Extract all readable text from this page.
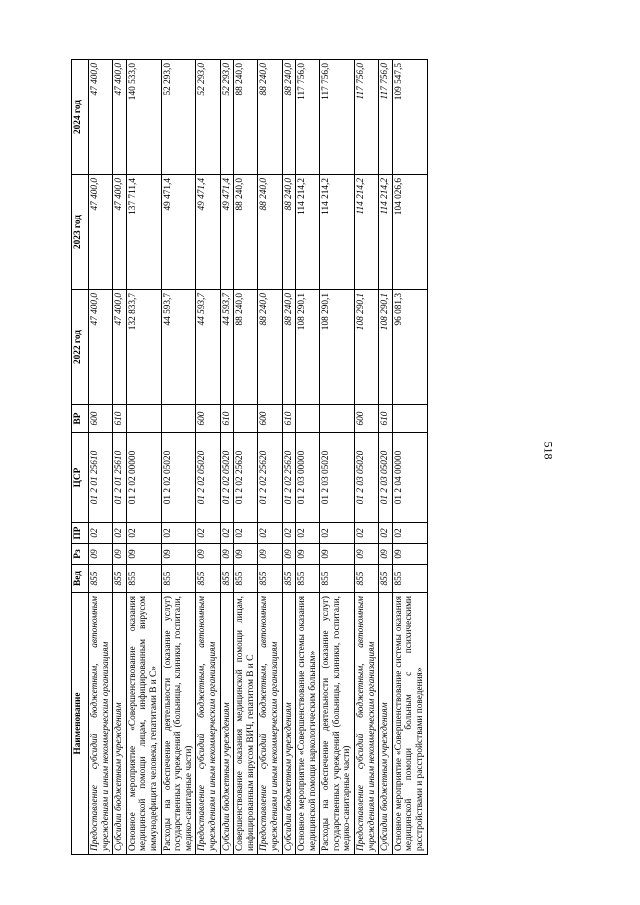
518
Наименование	Вед	Рз	ПР	ЦСР	ВР	2022 год	2023 год	2024 год
Предоставление субсидий бюджетным, автономным учреждениям и иным некоммерческим организациям	855	09	02	01 2 01 25610	600	47 400,0	47 400,0	47 400,0
Субсидии бюджетным учреждениям	855	09	02	01 2 01 25610	610	47 400,0	47 400,0	47 400,0
Основное мероприятие «Совершенствование оказания медицинской помощи лицам, инфицированным вирусом иммунодефицита человека, гепатитами В и С»	855	09	02	01 2 02 00000		132 833,7	137 711,4	140 533,0
Расходы на обеспечение деятельности (оказание услуг) государственных учреждений (больницы, клиники, госпитали, медико-санитарные части)	855	09	02	01 2 02 05020		44 593,7	49 471,4	52 293,0
Предоставление субсидий бюджетным, автономным учреждениям и иным некоммерческим организациям	855	09	02	01 2 02 05020	600	44 593,7	49 471,4	52 293,0
Субсидии бюджетным учреждениям	855	09	02	01 2 02 05020	610	44 593,7	49 471,4	52 293,0
Совершенствование оказания медицинской помощи лицам, инфицированным вирусом ВИЧ, гепатитом В и С	855	09	02	01 2 02 25620		88 240,0	88 240,0	88 240,0
Предоставление субсидий бюджетным, автономным учреждениям и иным некоммерческим организациям	855	09	02	01 2 02 25620	600	88 240,0	88 240,0	88 240,0
Субсидии бюджетным учреждениям	855	09	02	01 2 02 25620	610	88 240,0	88 240,0	88 240,0
Основное мероприятие «Совершенствование системы оказания медицинской помощи наркологическим больным»	855	09	02	01 2 03 00000		108 290,1	114 214,2	117 756,0
Расходы на обеспечение деятельности (оказание услуг) государственных учреждений (больницы, клиники, госпитали, медико-санитарные части)	855	09	02	01 2 03 05020		108 290,1	114 214,2	117 756,0
Предоставление субсидий бюджетным, автономным учреждениям и иным некоммерческим организациям	855	09	02	01 2 03 05020	600	108 290,1	114 214,2	117 756,0
Субсидии бюджетным учреждениям	855	09	02	01 2 03 05020	610	108 290,1	114 214,2	117 756,0
Основное мероприятие «Совершенствование системы оказания медицинской помощи больным с психическими расстройствами и расстройствами поведения»	855	09	02	01 2 04 00000		96 081,3	104 026,6	109 547,5
